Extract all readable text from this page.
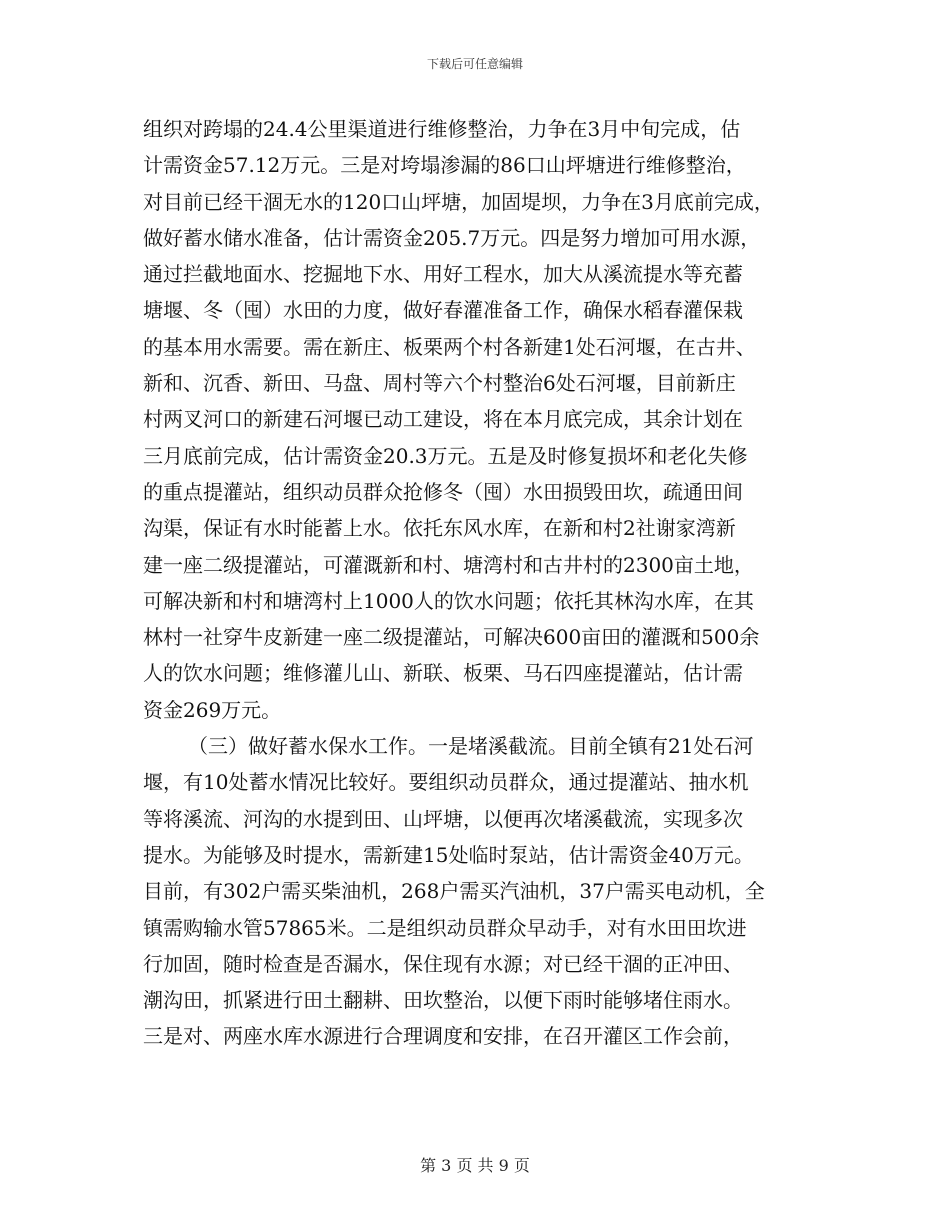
下载后可任意编辑
组织对跨塌的24.4公里渠道进行维修整治，力争在3月中旬完成，估
计需资金57.12万元。三是对垮塌渗漏的86口山坪塘进行维修整治，
对目前已经干涸无水的120口山坪塘，加固堤坝，力争在3月底前完成，
做好蓄水储水准备，估计需资金205.7万元。四是努力增加可用水源，
通过拦截地面水、挖掘地下水、用好工程水，加大从溪流提水等充蓄
塘堰、冬（囤）水田的力度，做好春灌准备工作，确保水稻春灌保栽
的基本用水需要。需在新庄、板栗两个村各新建1处石河堰，在古井、
新和、沉香、新田、马盘、周村等六个村整治6处石河堰，目前新庄
村两叉河口的新建石河堰已动工建设，将在本月底完成，其余计划在
三月底前完成，估计需资金20.3万元。五是及时修复损坏和老化失修
的重点提灌站，组织动员群众抢修冬（囤）水田损毁田坎，疏通田间
沟渠，保证有水时能蓄上水。依托东风水库，在新和村2社谢家湾新
建一座二级提灌站，可灌溉新和村、塘湾村和古井村的2300亩土地，
可解决新和村和塘湾村上1000人的饮水问题；依托其林沟水库，在其
林村一社穿牛皮新建一座二级提灌站，可解决600亩田的灌溉和500余
人的饮水问题；维修灌儿山、新联、板栗、马石四座提灌站，估计需
资金269万元。
（三）做好蓄水保水工作。一是堵溪截流。目前全镇有21处石河
堰，有10处蓄水情况比较好。要组织动员群众，通过提灌站、抽水机
等将溪流、河沟的水提到田、山坪塘，以便再次堵溪截流，实现多次
提水。为能够及时提水，需新建15处临时泵站，估计需资金40万元。
目前，有302户需买柴油机，268户需买汽油机，37户需买电动机，全
镇需购输水管57865米。二是组织动员群众早动手，对有水田田坎进
行加固，随时检查是否漏水，保住现有水源；对已经干涸的正冲田、
潮沟田，抓紧进行田土翻耕、田坎整治，以便下雨时能够堵住雨水。
三是对、两座水库水源进行合理调度和安排，在召开灌区工作会前，
第 3 页 共 9 页
